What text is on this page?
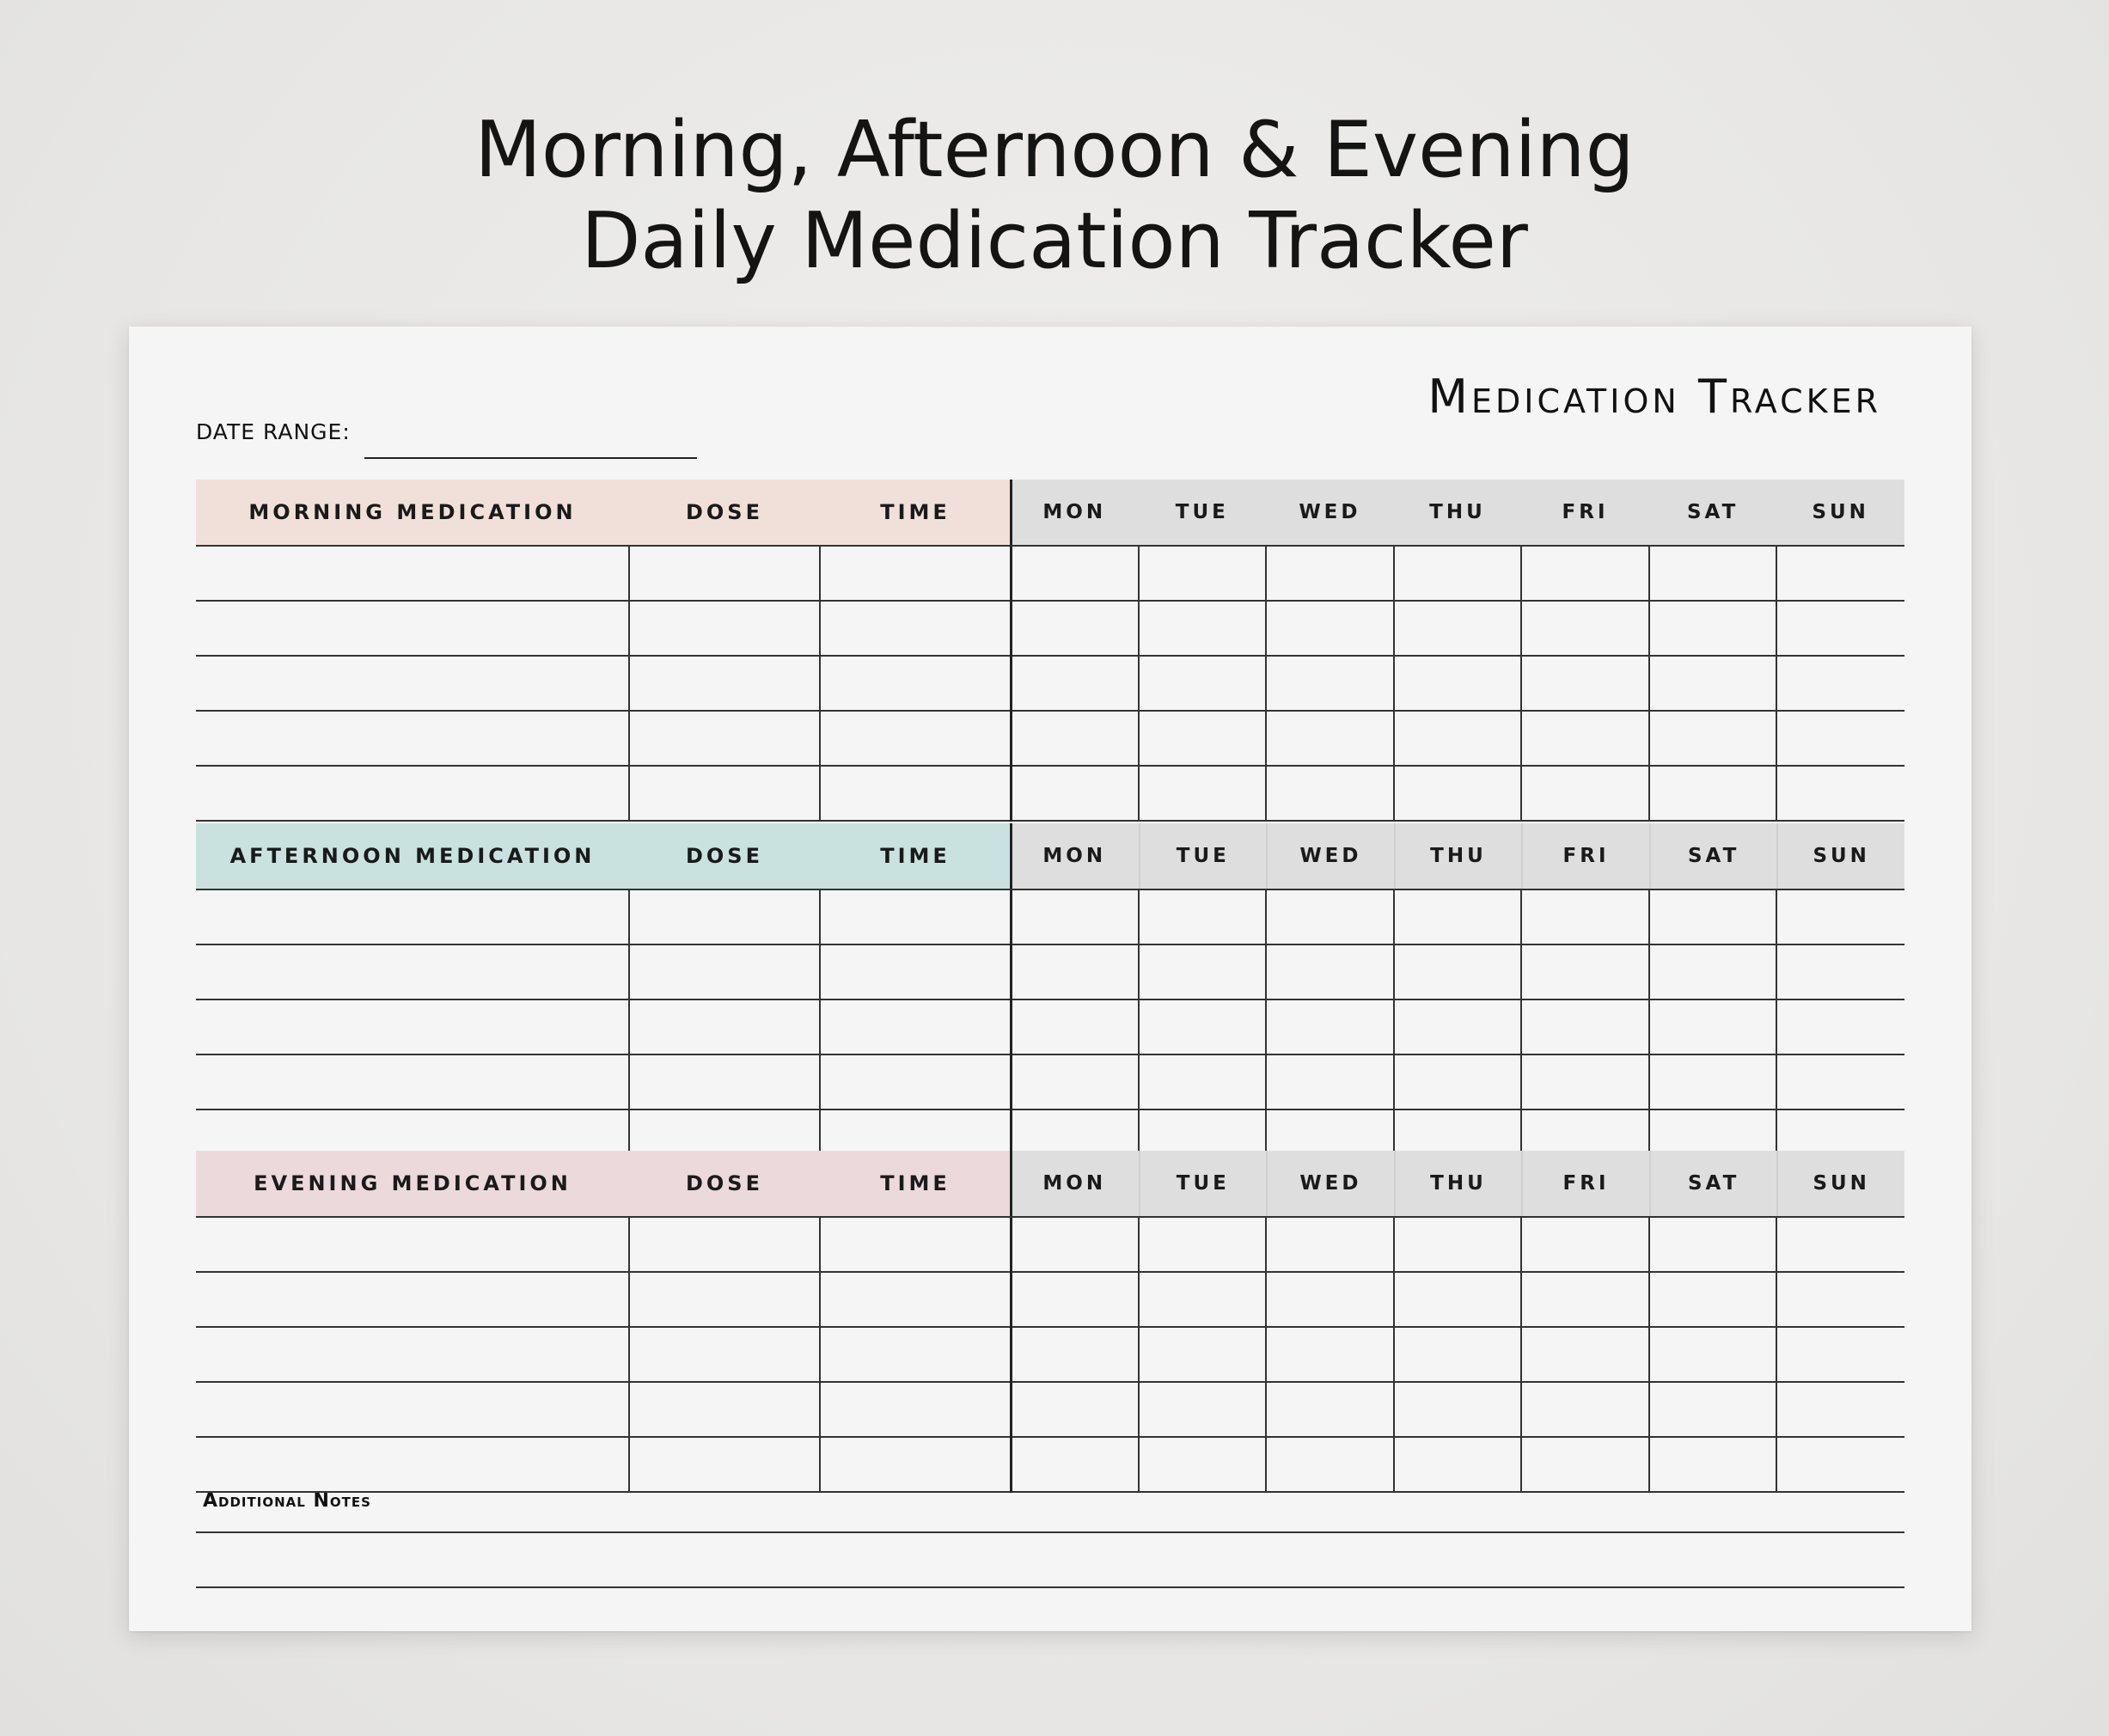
Morning, Afternoon & Evening
Daily Medication Tracker
Medication Tracker
DATE RANGE:
Additional Notes
MORNING MEDICATION	DOSE	TIME	MON	TUE	WED	THU	FRI	SAT	SUN
AFTERNOON MEDICATION	DOSE	TIME	MON	TUE	WED	THU	FRI	SAT	SUN
EVENING MEDICATION	DOSE	TIME	MON	TUE	WED	THU	FRI	SAT	SUN
